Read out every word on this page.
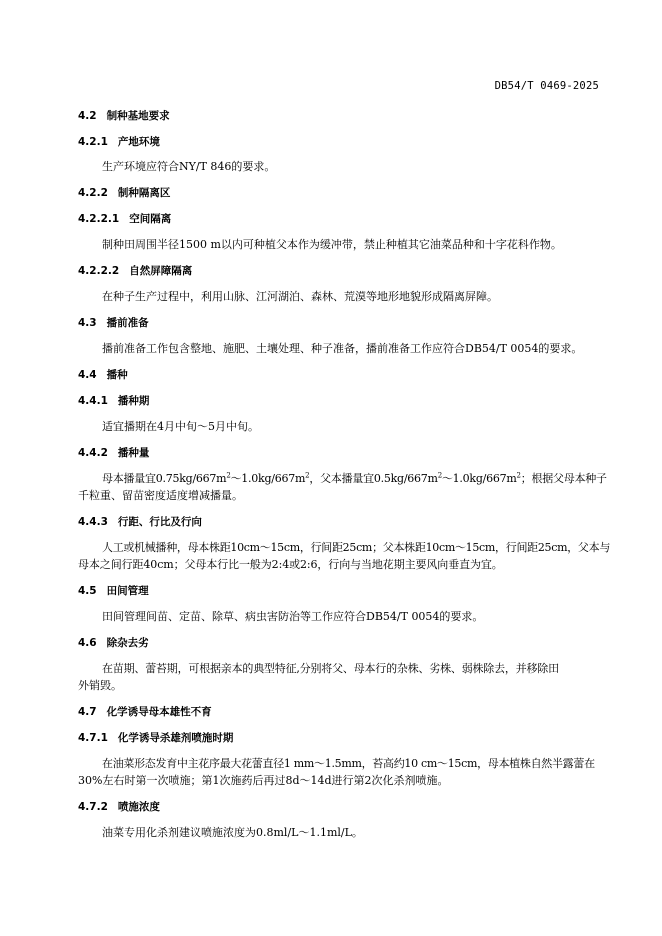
DB54/T 0469-2025
4.2 制种基地要求
4.2.1 产地环境
生产环境应符合NY/T 846的要求。
4.2.2 制种隔离区
4.2.2.1 空间隔离
制种田周围半径1500 m以内可种植父本作为缓冲带，禁止种植其它油菜品种和十字花科作物。
4.2.2.2 自然屏障隔离
在种子生产过程中，利用山脉、江河湖泊、森林、荒漠等地形地貌形成隔离屏障。
4.3 播前准备
播前准备工作包含整地、施肥、土壤处理、种子准备，播前准备工作应符合DB54/T 0054的要求。
4.4 播种
4.4.1 播种期
适宜播期在4月中旬～5月中旬。
4.4.2 播种量
母本播量宜$0.75kg/667m^2\sim 1.0kg/667m^2$，父本播量宜$0.5kg/667m^2\sim 1.0kg/667m^2$；根据父母本种子
千粒重、留苗密度适度增减播量。
4.4.3 行距、行比及行向
人工或机械播种，母本株距10cm～15cm，行间距25cm；父本株距10cm～15cm，行间距25cm，父本与
母本之间行距40cm；父母本行比一般为2:4或2:6，行向与当地花期主要风向垂直为宜。
4.5 田间管理
田间管理间苗、定苗、除草、病虫害防治等工作应符合DB54/T 0054的要求。
4.6 除杂去劣
在苗期、蕾苔期，可根据亲本的典型特征,分别将父、母本行的杂株、劣株、弱株除去，并移除田
外销毁。
4.7 化学诱导母本雄性不育
4.7.1 化学诱导杀雄剂喷施时期
在油菜形态发育中主花序最大花蕾直径1 mm～1.5mm，苔高约10 cm～15cm，母本植株自然半露蕾在
30%左右时第一次喷施；第1次施药后再过8d～14d进行第2次化杀剂喷施。
4.7.2 喷施浓度
油菜专用化杀剂建议喷施浓度为0.8ml/L～1.1ml/L。
